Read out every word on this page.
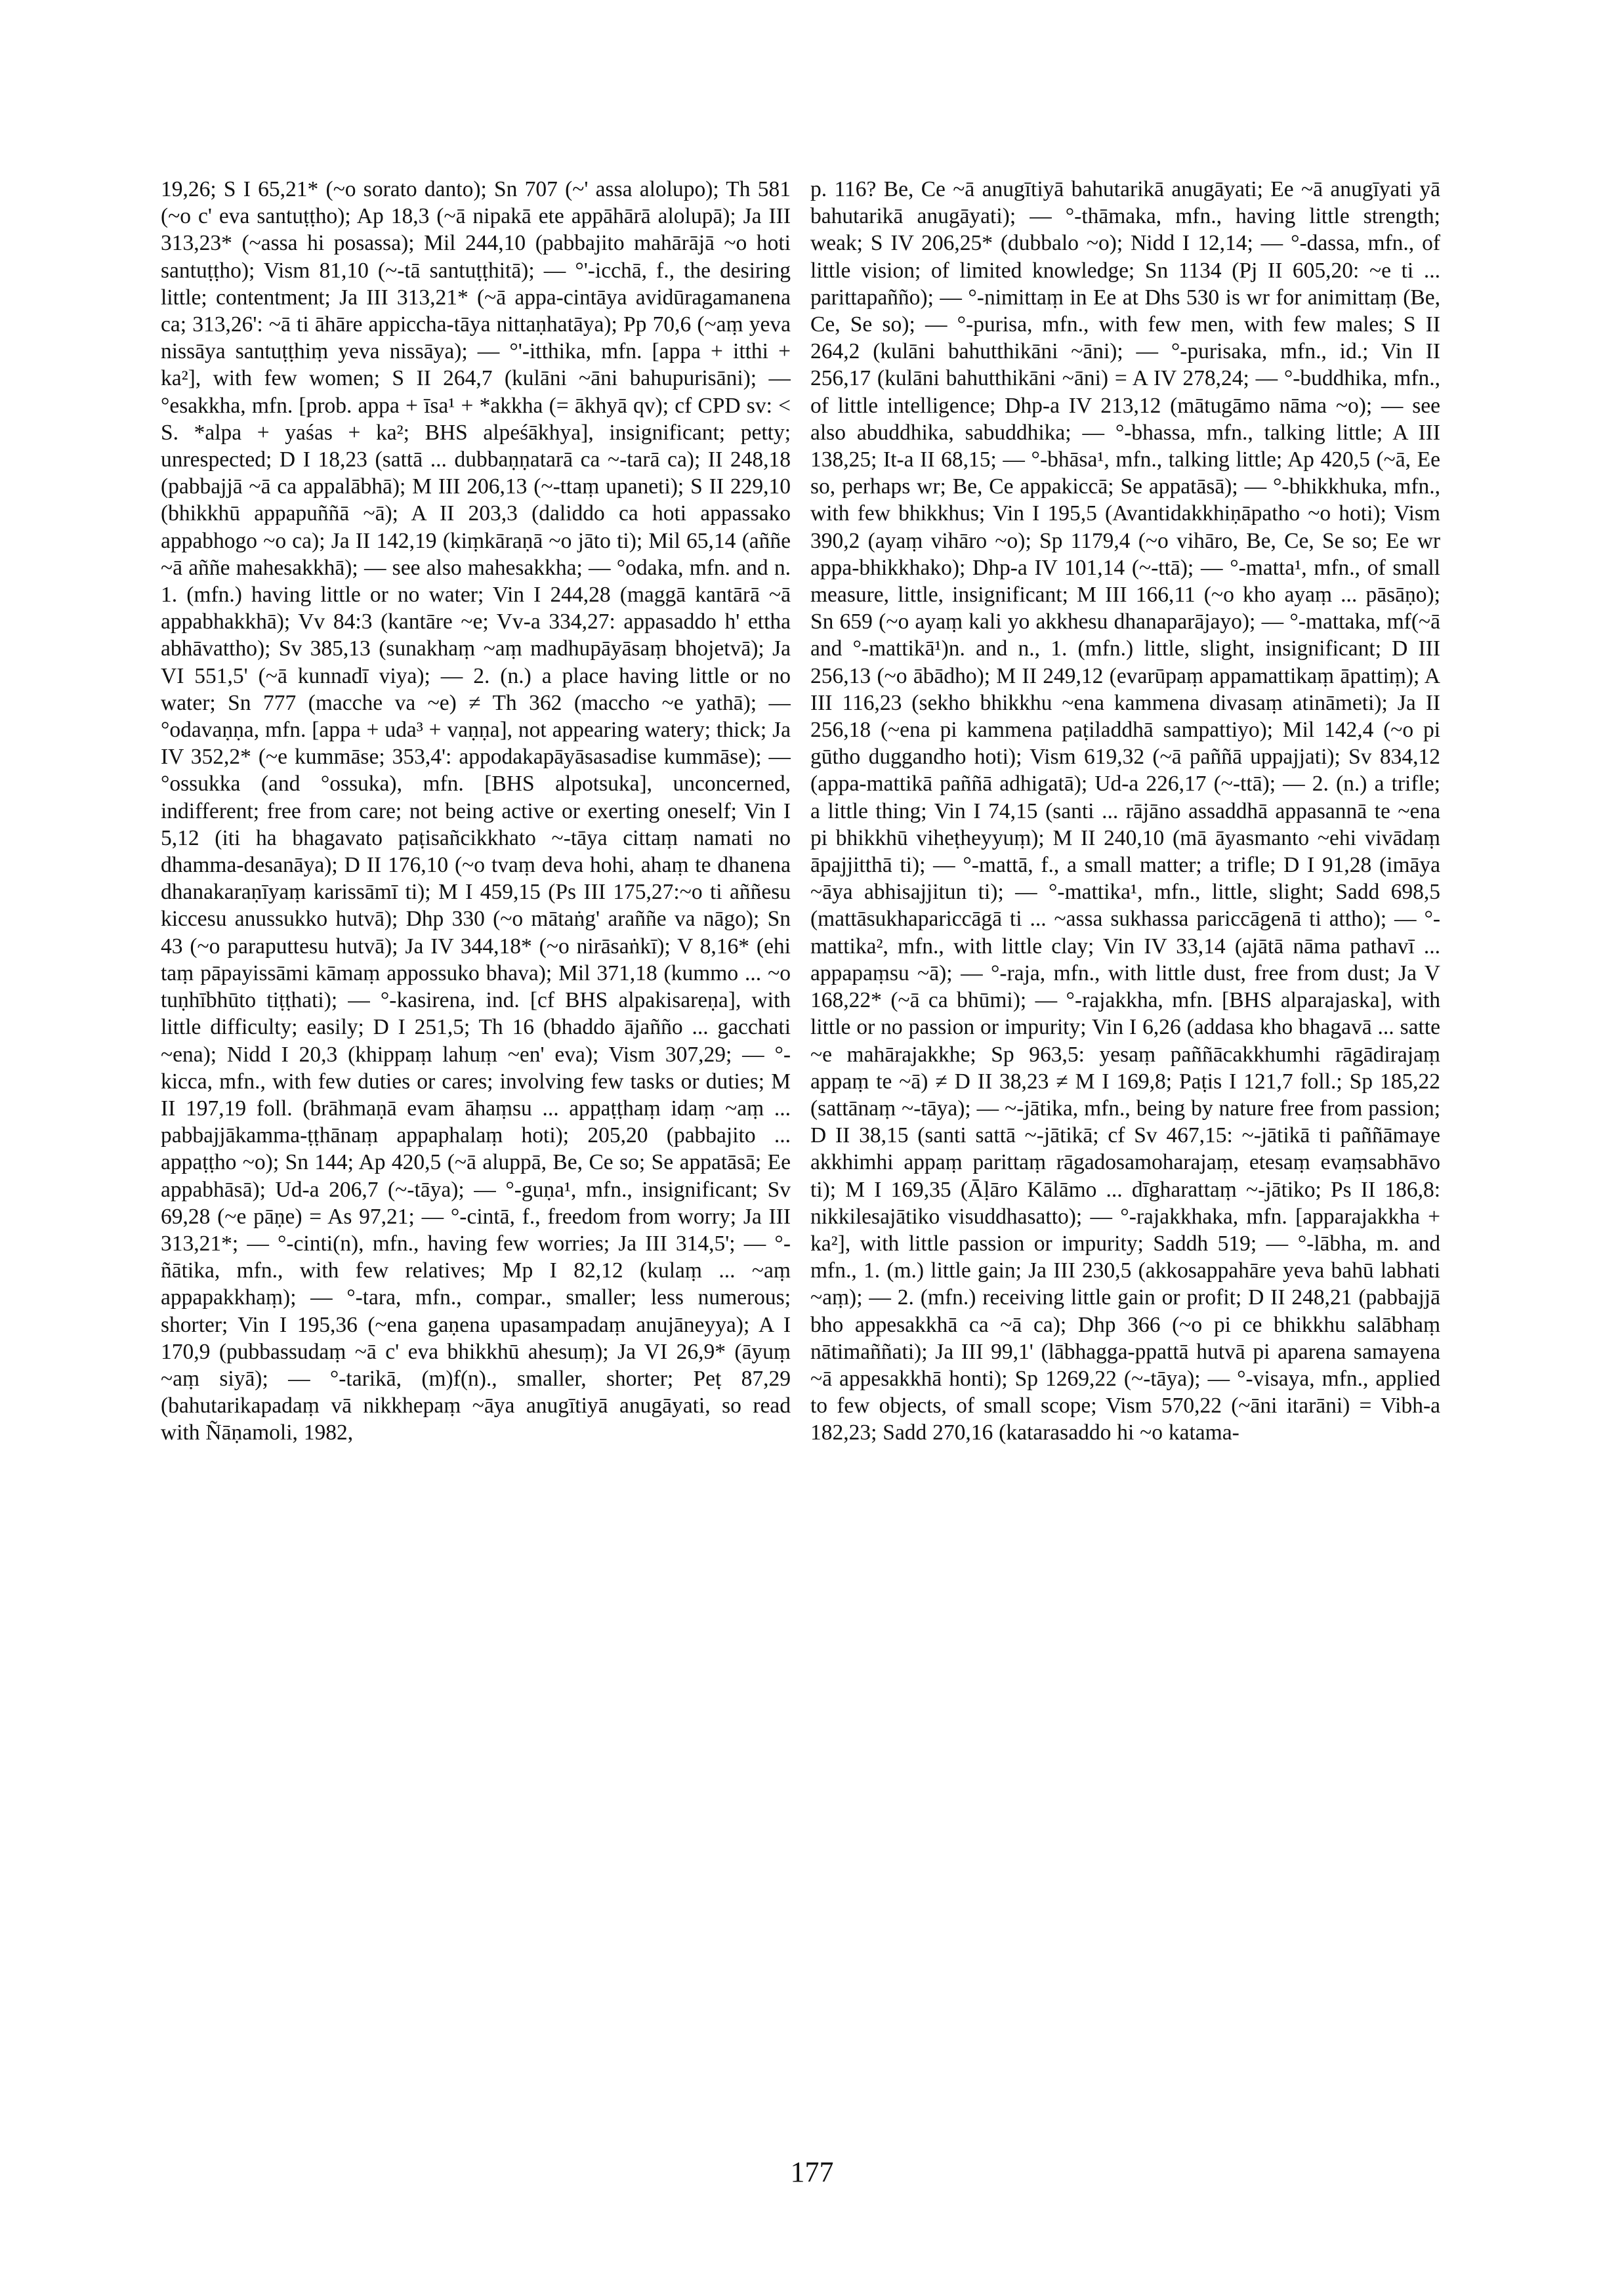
19,26; S I 65,21* (~o sorato danto); Sn 707 (~' assa alolupo); Th 581 (~o c' eva santuṭṭho); Ap 18,3 (~ā nipakā ete appāhārā alolupā); Ja III 313,23* (~assa hi posassa); Mil 244,10 (pabbajito mahārājā ~o hoti santuṭṭho); Vism 81,10 (~-tā santuṭṭhitā); — °'-icchā, f., the desiring little; contentment; Ja III 313,21* (~ā appa-cintāya avidūragamanena ca; 313,26': ~ā ti āhāre appiccha-tāya nittaṇhatāya); Pp 70,6 (~aṃ yeva nissāya santuṭṭhiṃ yeva nissāya); — °'-itthika, mfn. [appa + itthi + ka²], with few women; S II 264,7 (kulāni ~āni bahupurisāni); — °esakkha, mfn. [prob. appa + īsa¹ + *akkha (= ākhyā qv); cf CPD sv: < S. *alpa + yaśas + ka²; BHS alpeśākhya], insignificant; petty; unrespected; D I 18,23 (sattā ... dubbaṇṇatarā ca ~-tarā ca); II 248,18 (pabbajjā ~ā ca appalābhā); M III 206,13 (~-ttaṃ upaneti); S II 229,10 (bhikkhū appapuññā ~ā); A II 203,3 (daliddo ca hoti appassako appabhogo ~o ca); Ja II 142,19 (kiṃkāraṇā ~o jāto ti); Mil 65,14 (aññe ~ā aññe mahesakkhā); — see also mahesakkha; — °odaka, mfn. and n. 1. (mfn.) having little or no water; Vin I 244,28 (maggā kantārā ~ā appabhakkhā); Vv 84:3 (kantāre ~e; Vv-a 334,27: appasaddo h' ettha abhāvattho); Sv 385,13 (sunakhaṃ ~aṃ madhupāyāsaṃ bhojetvā); Ja VI 551,5' (~ā kunnadī viya); — 2. (n.) a place having little or no water; Sn 777 (macche va ~e) ≠ Th 362 (maccho ~e yathā); — °odavaṇṇa, mfn. [appa + uda³ + vaṇṇa], not appearing watery; thick; Ja IV 352,2* (~e kummāse; 353,4': appodakapāyāsasadise kummāse); — °ossukka (and °ossuka), mfn. [BHS alpotsuka], unconcerned, indifferent; free from care; not being active or exerting oneself; Vin I 5,12 (iti ha bhagavato paṭisañcikkhato ~-tāya cittaṃ namati no dhamma-desanāya); D II 176,10 (~o tvaṃ deva hohi, ahaṃ te dhanena dhanakaraṇīyaṃ karissāmī ti); M I 459,15 (Ps III 175,27:~o ti aññesu kiccesu anussukko hutvā); Dhp 330 (~o mātaṅg' araññe va nāgo); Sn 43 (~o paraputtesu hutvā); Ja IV 344,18* (~o nirāsaṅkī); V 8,16* (ehi taṃ pāpayissāmi kāmaṃ appossuko bhava); Mil 371,18 (kummo ... ~o tuṇhībhūto tiṭṭhati); — °-kasirena, ind. [cf BHS alpakisareṇa], with little difficulty; easily; D I 251,5; Th 16 (bhaddo ājañño ... gacchati ~ena); Nidd I 20,3 (khippaṃ lahuṃ ~en' eva); Vism 307,29; — °-kicca, mfn., with few duties or cares; involving few tasks or duties; M II 197,19 foll. (brāhmaṇā evam āhaṃsu ... appaṭṭhaṃ idaṃ ~aṃ ... pabbajjākamma-ṭṭhānaṃ appaphalaṃ hoti); 205,20 (pabbajito ... appaṭṭho ~o); Sn 144; Ap 420,5 (~ā aluppā, Be, Ce so; Se appatāsā; Ee appabhāsā); Ud-a 206,7 (~-tāya); — °-guṇa¹, mfn., insignificant; Sv 69,28 (~e pāṇe) = As 97,21; — °-cintā, f., freedom from worry; Ja III 313,21*; — °-cinti(n), mfn., having few worries; Ja III 314,5'; — °-ñātika, mfn., with few relatives; Mp I 82,12 (kulaṃ ... ~aṃ appapakkhaṃ); — °-tara, mfn., compar., smaller; less numerous; shorter; Vin I 195,36 (~ena gaṇena upasampadaṃ anujāneyya); A I 170,9 (pubbassudaṃ ~ā c' eva bhikkhū ahesuṃ); Ja VI 26,9* (āyuṃ ~aṃ siyā); — °-tarikā, (m)f(n)., smaller, shorter; Peṭ 87,29 (bahutarikapadaṃ vā nikkhepaṃ ~āya anugītiyā anugāyati, so read with Ñāṇamoli, 1982,

p. 116? Be, Ce ~ā anugītiyā bahutarikā anugāyati; Ee ~ā anugīyati yā bahutarikā anugāyati); — °-thāmaka, mfn., having little strength; weak; S IV 206,25* (dubbalo ~o); Nidd I 12,14; — °-dassa, mfn., of little vision; of limited knowledge; Sn 1134 (Pj II 605,20: ~e ti ... parittapañño); — °-nimittaṃ in Ee at Dhs 530 is wr for animittaṃ (Be, Ce, Se so); — °-purisa, mfn., with few men, with few males; S II 264,2 (kulāni bahutthikāni ~āni); — °-purisaka, mfn., id.; Vin II 256,17 (kulāni bahutthikāni ~āni) = A IV 278,24; — °-buddhika, mfn., of little intelligence; Dhp-a IV 213,12 (mātugāmo nāma ~o); — see also abuddhika, sabuddhika; — °-bhassa, mfn., talking little; A III 138,25; It-a II 68,15; — °-bhāsa¹, mfn., talking little; Ap 420,5 (~ā, Ee so, perhaps wr; Be, Ce appakiccā; Se appatāsā); — °-bhikkhuka, mfn., with few bhikkhus; Vin I 195,5 (Avantidakkhiṇāpatho ~o hoti); Vism 390,2 (ayaṃ vihāro ~o); Sp 1179,4 (~o vihāro, Be, Ce, Se so; Ee wr appa-bhikkhako); Dhp-a IV 101,14 (~-ttā); — °-matta¹, mfn., of small measure, little, insignificant; M III 166,11 (~o kho ayaṃ ... pāsāṇo); Sn 659 (~o ayaṃ kali yo akkhesu dhanaparājayo); — °-mattaka, mf(~ā and °-mattikā¹)n. and n., 1. (mfn.) little, slight, insignificant; D III 256,13 (~o ābādho); M II 249,12 (evarūpaṃ appamattikaṃ āpattiṃ); A III 116,23 (sekho bhikkhu ~ena kammena divasaṃ atināmeti); Ja II 256,18 (~ena pi kammena paṭiladdhā sampattiyo); Mil 142,4 (~o pi gūtho duggandho hoti); Vism 619,32 (~ā paññā uppajjati); Sv 834,12 (appa-mattikā paññā adhigatā); Ud-a 226,17 (~-ttā); — 2. (n.) a trifle; a little thing; Vin I 74,15 (santi ... rājāno assaddhā appasannā te ~ena pi bhikkhū viheṭheyyuṃ); M II 240,10 (mā āyasmanto ~ehi vivādaṃ āpajjitthā ti); — °-mattā, f., a small matter; a trifle; D I 91,28 (imāya ~āya abhisajjitun ti); — °-mattika¹, mfn., little, slight; Sadd 698,5 (mattāsukhapariccāgā ti ... ~assa sukhassa pariccāgenā ti attho); — °-mattika², mfn., with little clay; Vin IV 33,14 (ajātā nāma pathavī ... appapaṃsu ~ā); — °-raja, mfn., with little dust, free from dust; Ja V 168,22* (~ā ca bhūmi); — °-rajakkha, mfn. [BHS alparajaska], with little or no passion or impurity; Vin I 6,26 (addasa kho bhagavā ... satte ~e mahārajakkhe; Sp 963,5: yesaṃ paññācakkhumhi rāgādirajaṃ appaṃ te ~ā) ≠ D II 38,23 ≠ M I 169,8; Paṭis I 121,7 foll.; Sp 185,22 (sattānaṃ ~-tāya); — ~-jātika, mfn., being by nature free from passion; D II 38,15 (santi sattā ~-jātikā; cf Sv 467,15: ~-jātikā ti paññāmaye akkhimhi appaṃ parittaṃ rāgadosamoharajaṃ, etesaṃ evaṃsabhāvo ti); M I 169,35 (Āḷāro Kālāmo ... dīgharattaṃ ~-jātiko; Ps II 186,8: nikkilesajātiko visuddhasatto); — °-rajakkhaka, mfn. [apparajakkha + ka²], with little passion or impurity; Saddh 519; — °-lābha, m. and mfn., 1. (m.) little gain; Ja III 230,5 (akkosappahāre yeva bahū labhati ~aṃ); — 2. (mfn.) receiving little gain or profit; D II 248,21 (pabbajjā bho appesakkhā ca ~ā ca); Dhp 366 (~o pi ce bhikkhu salābhaṃ nātimaññati); Ja III 99,1' (lābhagga-ppattā hutvā pi aparena samayena ~ā appesakkhā honti); Sp 1269,22 (~-tāya); — °-visaya, mfn., applied to few objects, of small scope; Vism 570,22 (~āni itarāni) = Vibh-a 182,23; Sadd 270,16 (katarasaddo hi ~o katama-

177
